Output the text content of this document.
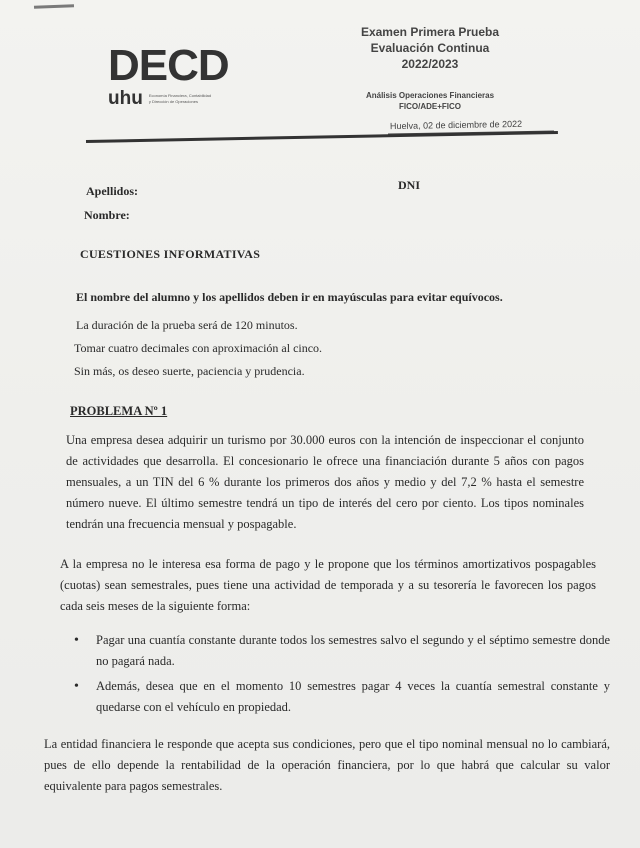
DECD
uhu Economía Financiera, Contabilidad
y Dirección de Operaciones
Examen Primera Prueba
Evaluación Continua
2022/2023
Análisis Operaciones Financieras
FICO/ADE+FICO
Huelva, 02 de diciembre de 2022
Apellidos:
Nombre:
DNI
CUESTIONES INFORMATIVAS
El nombre del alumno y los apellidos deben ir en mayúsculas para evitar equívocos.
La duración de la prueba será de 120 minutos.
Tomar cuatro decimales con aproximación al cinco.
Sin más, os deseo suerte, paciencia y prudencia.
PROBLEMA Nº 1
Una empresa desea adquirir un turismo por 30.000 euros con la intención de inspeccionar el conjunto de actividades que desarrolla. El concesionario le ofrece una financiación durante 5 años con pagos mensuales, a un TIN del 6 % durante los primeros dos años y medio y del 7,2 % hasta el semestre número nueve. El último semestre tendrá un tipo de interés del cero por ciento. Los tipos nominales tendrán una frecuencia mensual y pospagable.
A la empresa no le interesa esa forma de pago y le propone que los términos amortizativos pospagables (cuotas) sean semestrales, pues tiene una actividad de temporada y a su tesorería le favorecen los pagos cada seis meses de la siguiente forma:
• Pagar una cuantía constante durante todos los semestres salvo el segundo y el séptimo semestre donde no pagará nada.
• Además, desea que en el momento 10 semestres pagar 4 veces la cuantía semestral constante y quedarse con el vehículo en propiedad.
La entidad financiera le responde que acepta sus condiciones, pero que el tipo nominal mensual no lo cambiará, pues de ello depende la rentabilidad de la operación financiera, por lo que habrá que calcular su valor equivalente para pagos semestrales.
